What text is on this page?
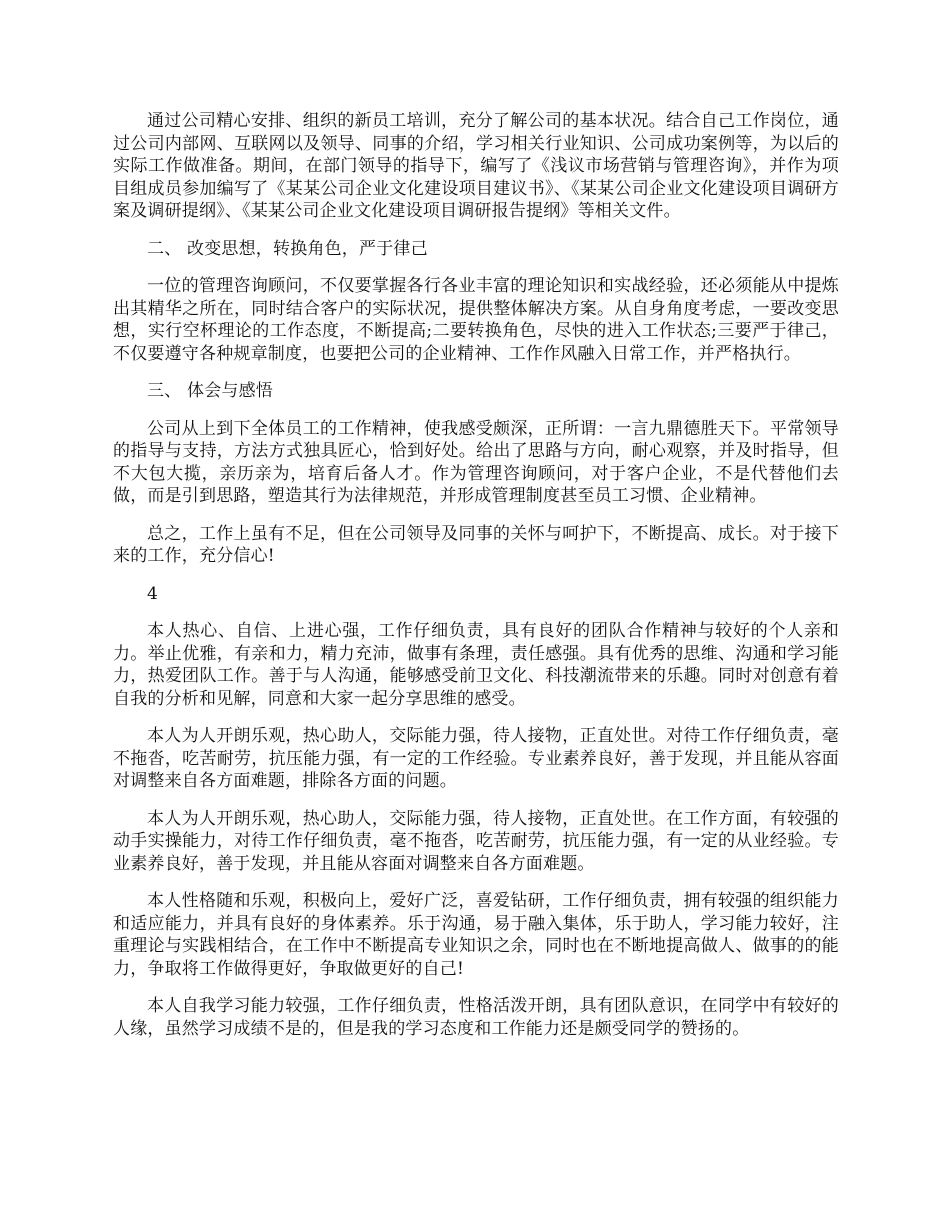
通过公司精心安排、组织的新员工培训，充分了解公司的基本状况。结合自己工作岗位，通过公司内部网、互联网以及领导、同事的介绍，学习相关行业知识、公司成功案例等，为以后的实际工作做准备。期间，在部门领导的指导下，编写了《浅议市场营销与管理咨询》，并作为项目组成员参加编写了《某某公司企业文化建设项目建议书》、《某某公司企业文化建设项目调研方案及调研提纲》、《某某公司企业文化建设项目调研报告提纲》等相关文件。

二、 改变思想，转换角色，严于律己

一位的管理咨询顾问，不仅要掌握各行各业丰富的理论知识和实战经验，还必须能从中提炼出其精华之所在，同时结合客户的实际状况，提供整体解决方案。从自身角度考虑，一要改变思想，实行空杯理论的工作态度，不断提高;二要转换角色，尽快的进入工作状态;三要严于律己，不仅要遵守各种规章制度，也要把公司的企业精神、工作作风融入日常工作，并严格执行。

三、 体会与感悟

公司从上到下全体员工的工作精神，使我感受颇深，正所谓：一言九鼎德胜天下。平常领导的指导与支持，方法方式独具匠心，恰到好处。给出了思路与方向，耐心观察，并及时指导，但不大包大揽，亲历亲为，培育后备人才。作为管理咨询顾问，对于客户企业，不是代替他们去做，而是引到思路，塑造其行为法律规范，并形成管理制度甚至员工习惯、企业精神。

总之，工作上虽有不足，但在公司领导及同事的关怀与呵护下，不断提高、成长。对于接下来的工作，充分信心!

4

本人热心、自信、上进心强，工作仔细负责，具有良好的团队合作精神与较好的个人亲和力。举止优雅，有亲和力，精力充沛，做事有条理，责任感强。具有优秀的思维、沟通和学习能力，热爱团队工作。善于与人沟通，能够感受前卫文化、科技潮流带来的乐趣。同时对创意有着自我的分析和见解，同意和大家一起分享思维的感受。

本人为人开朗乐观，热心助人，交际能力强，待人接物，正直处世。对待工作仔细负责，毫不拖沓，吃苦耐劳，抗压能力强，有一定的工作经验。专业素养良好，善于发现，并且能从容面对调整来自各方面难题，排除各方面的问题。

本人为人开朗乐观，热心助人，交际能力强，待人接物，正直处世。在工作方面，有较强的动手实操能力，对待工作仔细负责，毫不拖沓，吃苦耐劳，抗压能力强，有一定的从业经验。专业素养良好，善于发现，并且能从容面对调整来自各方面难题。

本人性格随和乐观，积极向上，爱好广泛，喜爱钻研，工作仔细负责，拥有较强的组织能力和适应能力，并具有良好的身体素养。乐于沟通，易于融入集体，乐于助人，学习能力较好，注重理论与实践相结合，在工作中不断提高专业知识之余，同时也在不断地提高做人、做事的的能力，争取将工作做得更好，争取做更好的自己!

本人自我学习能力较强，工作仔细负责，性格活泼开朗，具有团队意识，在同学中有较好的人缘，虽然学习成绩不是的，但是我的学习态度和工作能力还是颇受同学的赞扬的。
